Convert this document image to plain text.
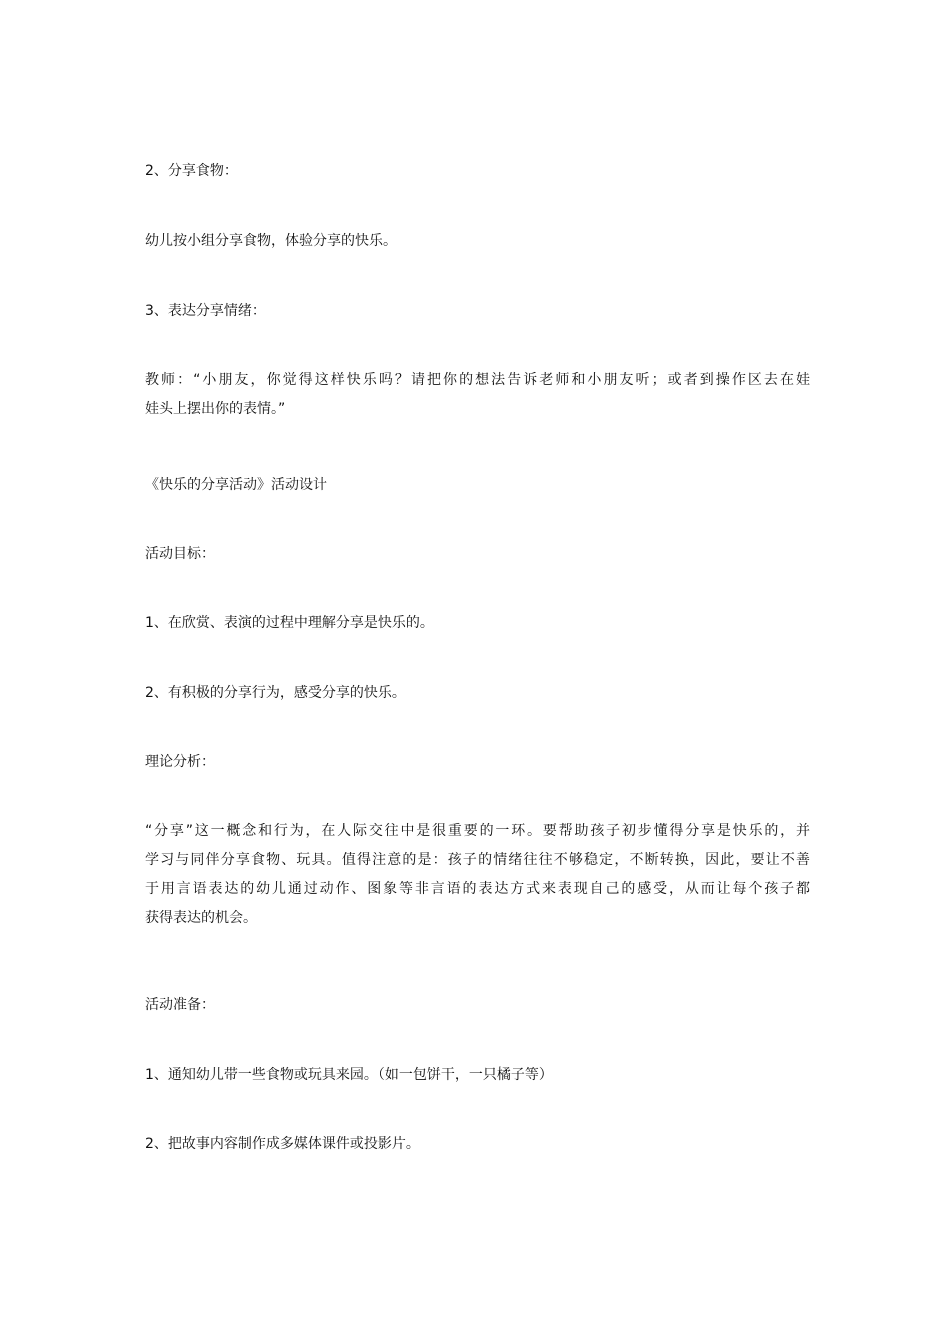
2、分享食物：

幼儿按小组分享食物，体验分享的快乐。

3、表达分享情绪：

教师：“小朋友，你觉得这样快乐吗？请把你的想法告诉老师和小朋友听；或者到操作区去在娃
娃头上摆出你的表情。”

《快乐的分享活动》活动设计

活动目标：

1、在欣赏、表演的过程中理解分享是快乐的。

2、有积极的分享行为，感受分享的快乐。

理论分析：

“分享”这一概念和行为，在人际交往中是很重要的一环。要帮助孩子初步懂得分享是快乐的，并
学习与同伴分享食物、玩具。值得注意的是：孩子的情绪往往不够稳定，不断转换，因此，要让不善
于用言语表达的幼儿通过动作、图象等非言语的表达方式来表现自己的感受，从而让每个孩子都
获得表达的机会。

活动准备：

1、通知幼儿带一些食物或玩具来园。（如一包饼干，一只橘子等）

2、把故事内容制作成多媒体课件或投影片。
